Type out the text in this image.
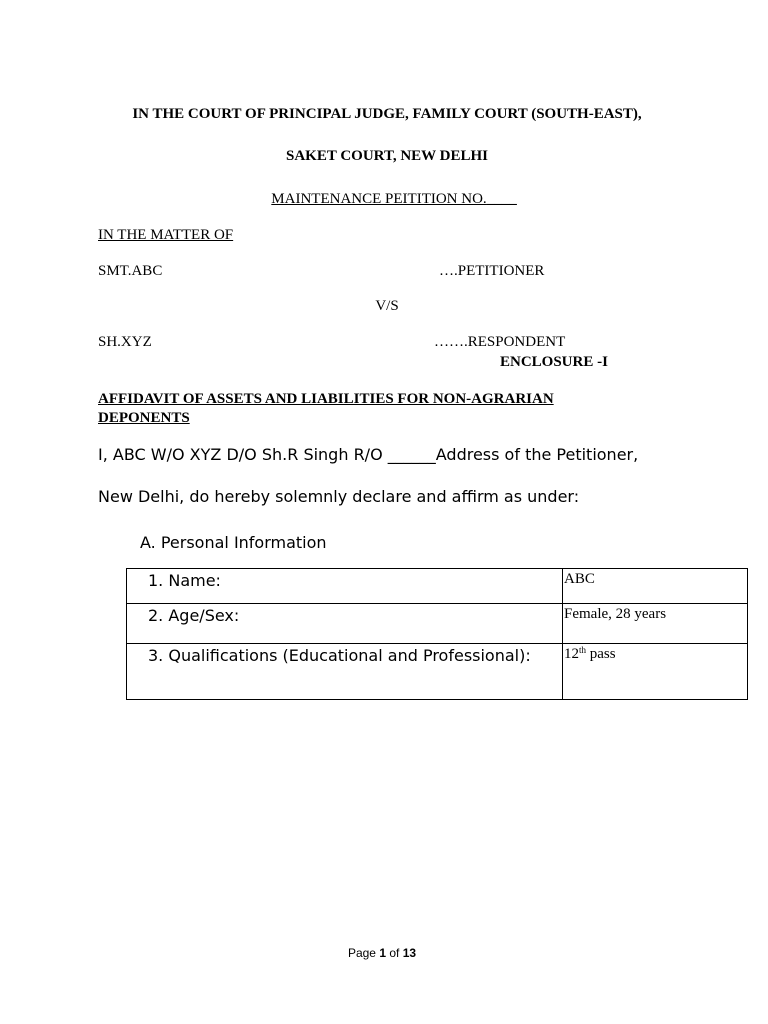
IN THE COURT OF PRINCIPAL JUDGE, FAMILY COURT (SOUTH-EAST),
SAKET COURT, NEW DELHI
MAINTENANCE PEITITION NO.____
IN THE MATTER OF
SMT.ABC	….PETITIONER
V/S
SH.XYZ	…….RESPONDENT
ENCLOSURE -I
AFFIDAVIT OF ASSETS AND LIABILITIES FOR NON-AGRARIAN DEPONENTS
I, ABC W/O XYZ D/O Sh.R Singh R/O ______Address of the Petitioner,
New Delhi, do hereby solemnly declare and affirm as under:
A. Personal Information
1. Name:	ABC
2. Age/Sex:	Female, 28 years
3. Qualifications (Educational and Professional):	12th pass
Page 1 of 13
